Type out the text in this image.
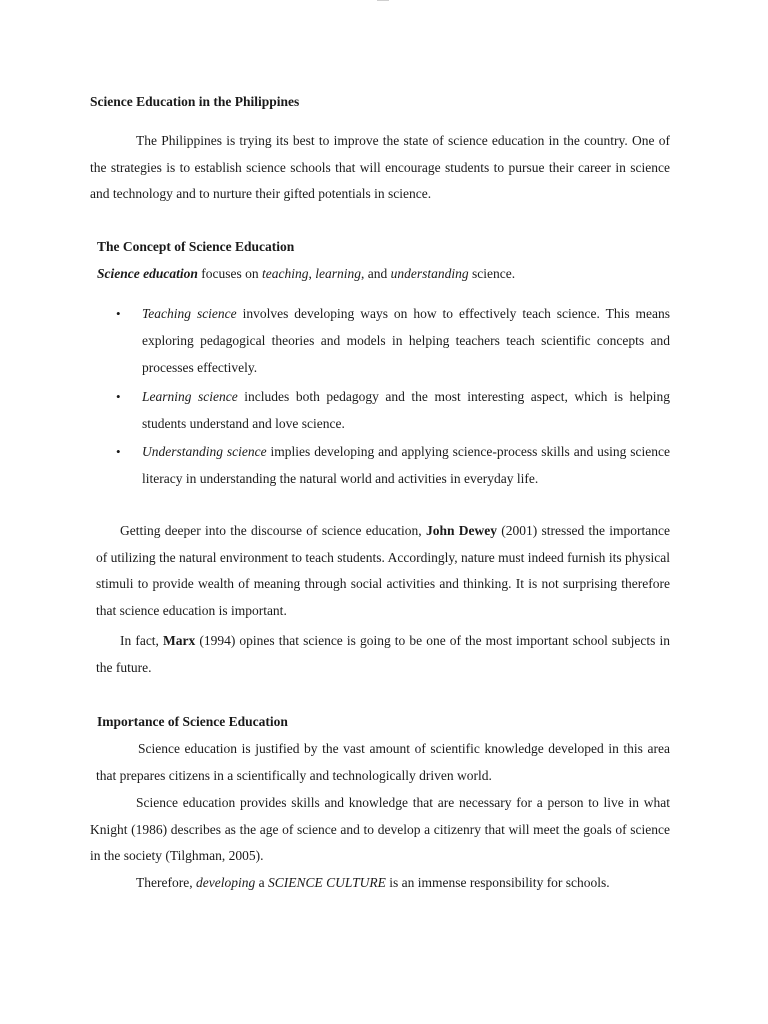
Science Education in the Philippines

The Philippines is trying its best to improve the state of science education in the country. One of the strategies is to establish science schools that will encourage students to pursue their career in science and technology and to nurture their gifted potentials in science.

The Concept of Science Education

Science education focuses on teaching, learning, and understanding science.

• Teaching science involves developing ways on how to effectively teach science. This means exploring pedagogical theories and models in helping teachers teach scientific concepts and processes effectively.
• Learning science includes both pedagogy and the most interesting aspect, which is helping students understand and love science.
• Understanding science implies developing and applying science-process skills and using science literacy in understanding the natural world and activities in everyday life.

Getting deeper into the discourse of science education, John Dewey (2001) stressed the importance of utilizing the natural environment to teach students. Accordingly, nature must indeed furnish its physical stimuli to provide wealth of meaning through social activities and thinking. It is not surprising therefore that science education is important.

In fact, Marx (1994) opines that science is going to be one of the most important school subjects in the future.

Importance of Science Education

Science education is justified by the vast amount of scientific knowledge developed in this area that prepares citizens in a scientifically and technologically driven world.

Science education provides skills and knowledge that are necessary for a person to live in what Knight (1986) describes as the age of science and to develop a citizenry that will meet the goals of science in the society (Tilghman, 2005).

Therefore, developing a SCIENCE CULTURE is an immense responsibility for schools.
